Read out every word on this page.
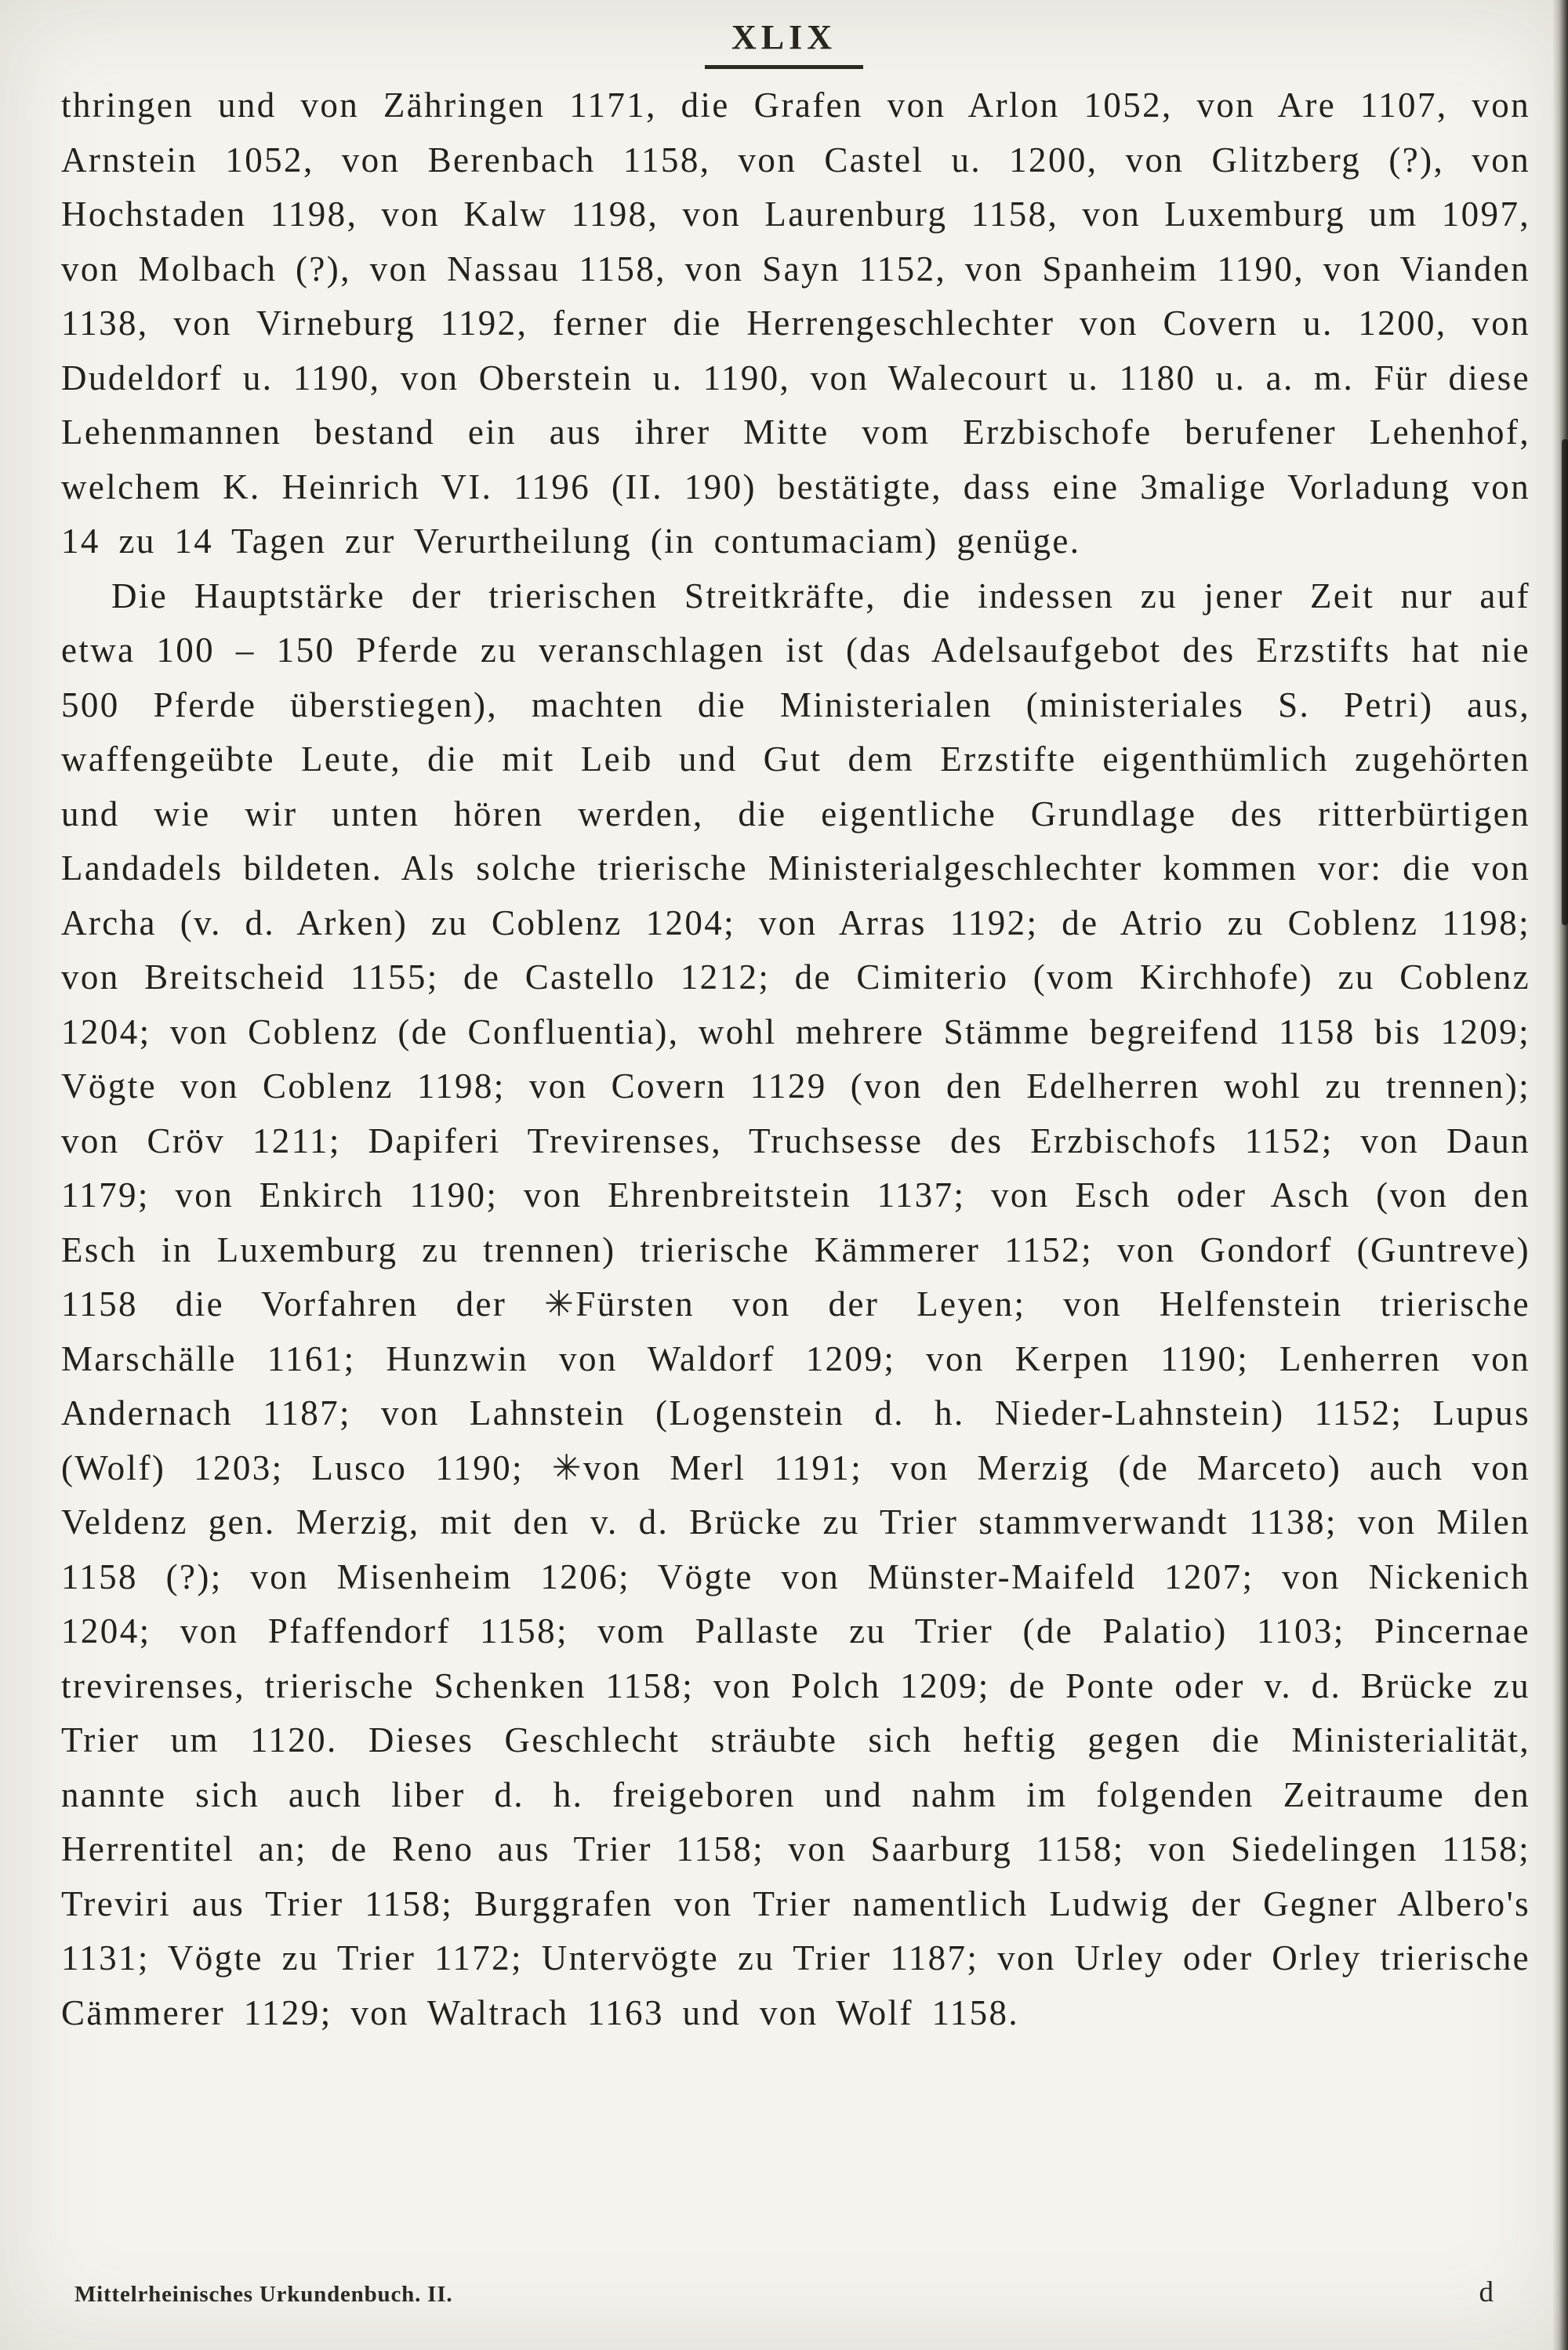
XLIX

thringen und von Zähringen 1171, die Grafen von Arlon 1052, von Are 1107, von Arnstein 1052, von Berenbach 1158, von Castel u. 1200, von Glitzberg (?), von Hochstaden 1198, von Kalw 1198, von Laurenburg 1158, von Luxemburg um 1097, von Molbach (?), von Nassau 1158, von Sayn 1152, von Spanheim 1190, von Vianden 1138, von Virneburg 1192, ferner die Herrengeschlechter von Covern u. 1200, von Dudeldorf u. 1190, von Oberstein u. 1190, von Walecourt u. 1180 u. a. m. Für diese Lehenmannen bestand ein aus ihrer Mitte vom Erzbischofe berufener Lehenhof, welchem K. Heinrich VI. 1196 (II. 190) bestätigte, dass eine 3malige Vorladung von 14 zu 14 Tagen zur Verurtheilung (in contumaciam) genüge.

Die Hauptstärke der trierischen Streitkräfte, die indessen zu jener Zeit nur auf etwa 100 – 150 Pferde zu veranschlagen ist (das Adelsaufgebot des Erzstifts hat nie 500 Pferde überstiegen), machten die Ministerialen (ministeriales S. Petri) aus, waffengeübte Leute, die mit Leib und Gut dem Erzstifte eigenthümlich zugehörten und wie wir unten hören werden, die eigentliche Grundlage des ritterbürtigen Landadels bildeten. Als solche trierische Ministerialgeschlechter kommen vor: die von Archa (v. d. Arken) zu Coblenz 1204; von Arras 1192; de Atrio zu Coblenz 1198; von Breitscheid 1155; de Castello 1212; de Cimiterio (vom Kirchhofe) zu Coblenz 1204; von Coblenz (de Confluentia), wohl mehrere Stämme begreifend 1158 bis 1209; Vögte von Coblenz 1198; von Covern 1129 (von den Edelherren wohl zu trennen); von Cröv 1211; Dapiferi Trevirenses, Truchsesse des Erzbischofs 1152; von Daun 1179; von Enkirch 1190; von Ehrenbreitstein 1137; von Esch oder Asch (von den Esch in Luxemburg zu trennen) trierische Kämmerer 1152; von Gondorf (Guntreve) 1158 die Vorfahren der ✳Fürsten von der Leyen; von Helfenstein trierische Marschälle 1161; Hunzwin von Waldorf 1209; von Kerpen 1190; Lenherren von Andernach 1187; von Lahnstein (Logenstein d. h. Nieder-Lahnstein) 1152; Lupus (Wolf) 1203; Lusco 1190; ✳von Merl 1191; von Merzig (de Marceto) auch von Veldenz gen. Merzig, mit den v. d. Brücke zu Trier stammverwandt 1138; von Milen 1158 (?); von Misenheim 1206; Vögte von Münster-Maifeld 1207; von Nickenich 1204; von Pfaffendorf 1158; vom Pallaste zu Trier (de Palatio) 1103; Pincernae trevirenses, trierische Schenken 1158; von Polch 1209; de Ponte oder v. d. Brücke zu Trier um 1120. Dieses Geschlecht sträubte sich heftig gegen die Ministerialität, nannte sich auch liber d. h. freigeboren und nahm im folgenden Zeitraume den Herrentitel an; de Reno aus Trier 1158; von Saarburg 1158; von Siedelingen 1158; Treviri aus Trier 1158; Burggrafen von Trier namentlich Ludwig der Gegner Albero's 1131; Vögte zu Trier 1172; Untervögte zu Trier 1187; von Urley oder Orley trierische Cämmerer 1129; von Waltrach 1163 und von Wolf 1158.

Mittelrheinisches Urkundenbuch. II.	d
